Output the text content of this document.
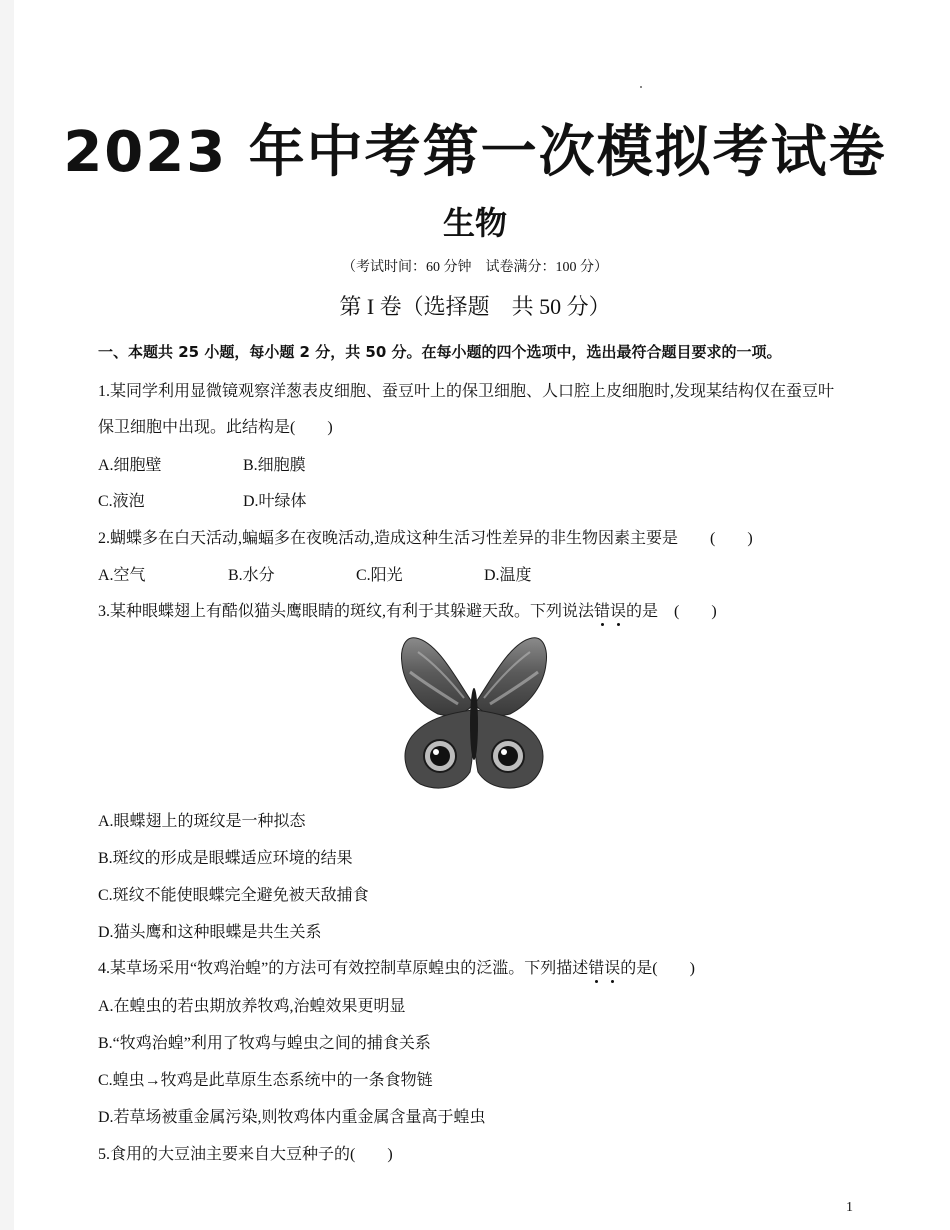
2023 年中考第一次模拟考试卷
生物
（考试时间：60 分钟　试卷满分：100 分）
第 I 卷（选择题　共 50 分）
一、本题共 25 小题，每小题 2 分，共 50 分。在每小题的四个选项中，选出最符合题目要求的一项。
1.某同学利用显微镜观察洋葱表皮细胞、蚕豆叶上的保卫细胞、人口腔上皮细胞时,发现某结构仅在蚕豆叶
保卫细胞中出现。此结构是(　　)
A.细胞壁	B.细胞膜
C.液泡	D.叶绿体
2.蝴蝶多在白天活动,蝙蝠多在夜晚活动,造成这种生活习性差异的非生物因素主要是　　(　　)
A.空气	B.水分	C.阳光	D.温度
3.某种眼蝶翅上有酷似猫头鹰眼睛的斑纹,有利于其躲避天敌。下列说法错误的是　(　　)
A.眼蝶翅上的斑纹是一种拟态
B.斑纹的形成是眼蝶适应环境的结果
C.斑纹不能使眼蝶完全避免被天敌捕食
D.猫头鹰和这种眼蝶是共生关系
4.某草场采用“牧鸡治蝗”的方法可有效控制草原蝗虫的泛滥。下列描述错误的是(　　)
A.在蝗虫的若虫期放养牧鸡,治蝗效果更明显
B.“牧鸡治蝗”利用了牧鸡与蝗虫之间的捕食关系
C.蝗虫→牧鸡是此草原生态系统中的一条食物链
D.若草场被重金属污染,则牧鸡体内重金属含量高于蝗虫
5.食用的大豆油主要来自大豆种子的(　　)
1
